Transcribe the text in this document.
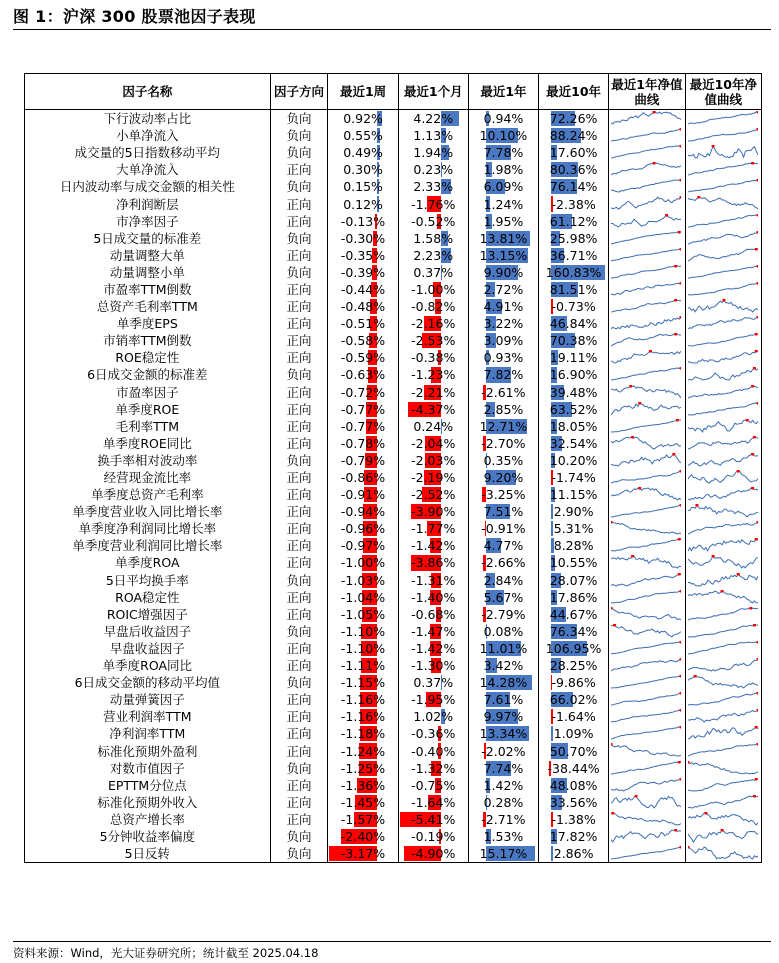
图 1：沪深 300 股票池因子表现
因子名称	因子方向	最近1周	最近1个月	最近1年	最近10年	最近1年净值曲线	最近10年净值曲线
下行波动率占比	负向	0.92%	4.22%	0.94%	72.26%	

小单净流入	负向	0.55%	1.13%	10.10%	88.24%	

成交量的5日指数移动平均	负向	0.49%	1.94%	7.78%	17.60%	

大单净流入	正向	0.30%	0.23%	1.98%	80.36%	

日内波动率与成交金额的相关性	负向	0.15%	2.33%	6.09%	76.14%	

净利润断层	正向	0.12%	-1.76%	1.24%	-2.38%	

市净率因子	正向	-0.13%	-0.52%	1.95%	61.12%	

5日成交量的标准差	负向	-0.30%	1.58%	13.81%	25.98%	

动量调整大单	正向	-0.35%	2.23%	13.15%	36.71%	

动量调整小单	负向	-0.39%	0.37%	9.90%	160.83%	

市盈率TTM倒数	正向	-0.44%	-1.00%	2.72%	81.51%	

总资产毛利率TTM	正向	-0.48%	-0.82%	4.91%	-0.73%	

单季度EPS	正向	-0.51%	-2.16%	3.22%	46.84%	

市销率TTM倒数	正向	-0.58%	-2.53%	3.09%	70.38%	

ROE稳定性	正向	-0.59%	-0.38%	0.93%	19.11%	

6日成交金额的标准差	负向	-0.63%	-1.23%	7.82%	16.90%	

市盈率因子	正向	-0.72%	-2.21%	-2.61%	39.48%	

单季度ROE	正向	-0.77%	-4.37%	2.85%	63.52%	

毛利率TTM	正向	-0.77%	0.24%	12.71%	18.05%	

单季度ROE同比	正向	-0.78%	-2.04%	-2.70%	32.54%	

换手率相对波动率	负向	-0.79%	-2.03%	0.35%	10.20%	

经营现金流比率	正向	-0.86%	-2.19%	9.20%	-1.74%	

单季度总资产毛利率	正向	-0.91%	-2.52%	-3.25%	11.15%	

单季度营业收入同比增长率	正向	-0.94%	-3.90%	7.51%	2.90%	

单季度净利润同比增长率	正向	-0.96%	-1.77%	-0.91%	5.31%	

单季度营业利润同比增长率	正向	-0.97%	-1.42%	4.77%	8.28%	

单季度ROA	正向	-1.00%	-3.86%	-2.66%	10.55%	

5日平均换手率	负向	-1.03%	-1.31%	2.84%	28.07%	

ROA稳定性	正向	-1.04%	-1.40%	5.67%	17.86%	

ROIC增强因子	正向	-1.05%	-0.68%	-2.79%	44.67%	

早盘后收益因子	负向	-1.10%	-1.47%	0.08%	76.34%	

早盘收益因子	正向	-1.10%	-1.42%	11.01%	106.95%	

单季度ROA同比	正向	-1.11%	-1.30%	3.42%	28.25%	

6日成交金额的移动平均值	负向	-1.15%	0.37%	14.28%	-9.86%	

动量弹簧因子	正向	-1.16%	-1.95%	7.61%	66.02%	

营业利润率TTM	正向	-1.16%	1.02%	9.97%	-1.64%	

净利润率TTM	正向	-1.18%	-0.36%	13.34%	1.09%	

标准化预期外盈利	正向	-1.24%	-0.40%	-2.02%	50.70%	

对数市值因子	负向	-1.25%	-1.32%	7.74%	-38.44%	

EPTTM分位点	正向	-1.36%	-0.75%	1.42%	48.08%	

标准化预期外收入	正向	-1.45%	-1.64%	0.28%	33.56%	

总资产增长率	正向	-1.57%	-5.41%	-2.71%	-1.38%	

5分钟收益率偏度	负向	-2.40%	-0.19%	1.53%	17.82%	

5日反转	负向	-3.17%	-4.90%	15.17%	2.86%	

资料来源：Wind，光大证券研究所；统计截至 2025.04.18
